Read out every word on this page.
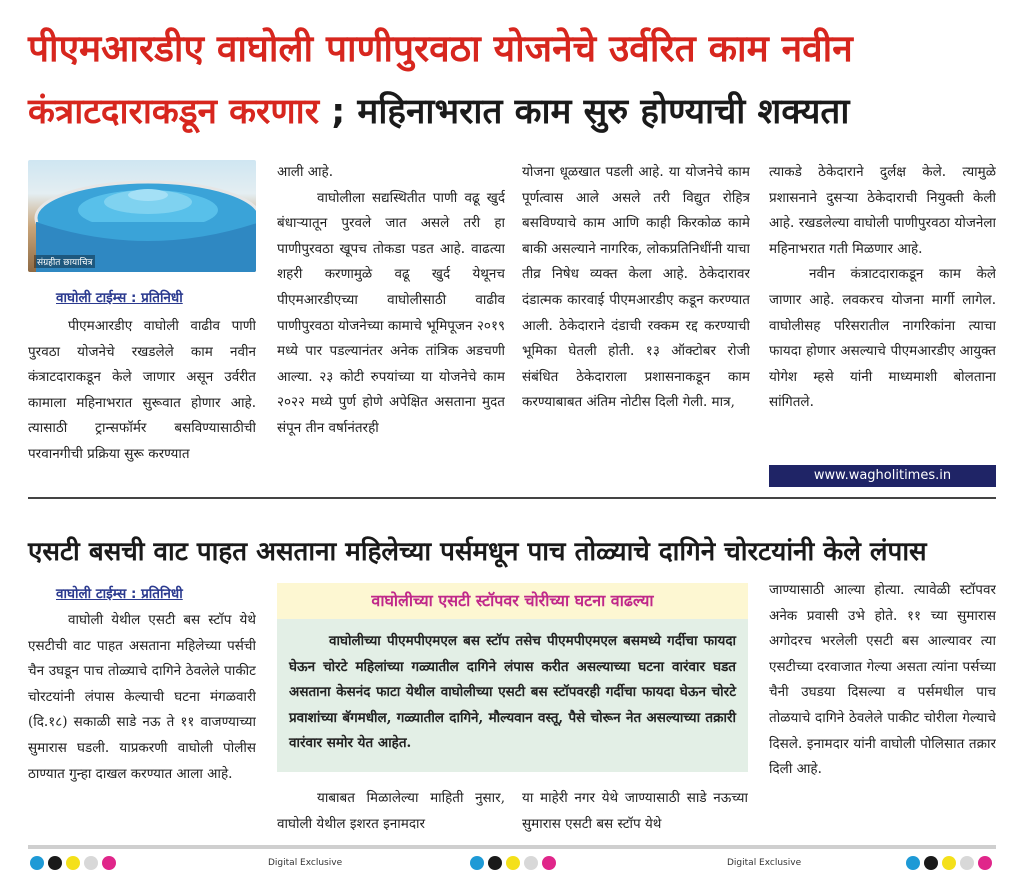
पीएमआरडीए वाघोली पाणीपुरवठा योजनेचे उर्वरित काम नवीन
कंत्राटदाराकडून करणार ; महिनाभरात काम सुरु होण्याची शक्यता
संग्रहीत छायाचित्र
वाघोली टाईम्स : प्रतिनिधी

पीएमआरडीए वाघोली वाढीव पाणी पुरवठा योजनेचे रखडलेले काम नवीन कंत्राटदाराकडून केले जाणार असून उर्वरीत कामाला महिनाभरात सुरूवात होणार आहे. त्यासाठी ट्रान्सफॉर्मर बसविण्यासाठीची परवानगीची प्रक्रिया सुरू करण्यात

आली आहे.

वाघोलीला सद्यस्थितीत पाणी वढू खुर्द बंधाऱ्यातून पुरवले जात असले तरी हा पाणीपुरवठा खूपच तोकडा पडत आहे. वाढत्या शहरी करणामुळे वढू खुर्द येथूनच पीएमआरडीएच्या वाघोलीसाठी वाढीव पाणीपुरवठा योजनेच्या कामाचे भूमिपूजन २०१९ मध्ये पार पडल्यानंतर अनेक तांत्रिक अडचणी आल्या. २३ कोटी रुपयांच्या या योजनेचे काम २०२२ मध्ये पुर्ण होणे अपेक्षित असताना मुदत संपून तीन वर्षानंतरही

योजना धूळखात पडली आहे. या योजनेचे काम पूर्णत्वास आले असले तरी विद्युत रोहित्र बसविण्याचे काम आणि काही किरकोळ कामे बाकी असल्याने नागरिक, लोकप्रतिनिधींनी याचा तीव्र निषेध व्यक्त केला आहे. ठेकेदारावर दंडात्मक कारवाई पीएमआरडीए कडून करण्यात आली. ठेकेदाराने दंडाची रक्कम रद्द करण्याची भूमिका घेतली होती. १३ ऑक्टोबर रोजी संबंधित ठेकेदाराला प्रशासनाकडून काम करण्याबाबत अंतिम नोटीस दिली गेली. मात्र,

त्याकडे ठेकेदाराने दुर्लक्ष केले. त्यामुळे प्रशासनाने दुसऱ्या ठेकेदाराची नियुक्ती केली आहे. रखडलेल्या वाघोली पाणीपुरवठा योजनेला महिनाभरात गती मिळणार आहे.

नवीन कंत्राटदाराकडून काम केले जाणार आहे. लवकरच योजना मार्गी लागेल. वाघोलीसह परिसरातील नागरिकांना त्याचा फायदा होणार असल्याचे पीएमआरडीए आयुक्त योगेश म्हसे यांनी माध्यमाशी बोलताना सांगितले.

www.wagholitimes.in
एसटी बसची वाट पाहत असताना महिलेच्या पर्समधून पाच तोळ्याचे दागिने चोरटयांनी केले लंपास
वाघोली टाईम्स : प्रतिनिधी

वाघोली येथील एसटी बस स्टॉप येथे एसटीची वाट पाहत असताना महिलेच्या पर्सची चैन उघडून पाच तोळ्याचे दागिने ठेवलेले पाकीट चोरटयांनी लंपास केल्याची घटना मंगळवारी (दि.१८) सकाळी साडे नऊ ते ११ वाजण्याच्या सुमारास घडली. याप्रकरणी वाघोली पोलीस ठाण्यात गुन्हा दाखल करण्यात आला आहे.

वाघोलीच्या एसटी स्टॉपवर चोरीच्या घटना वाढल्या

वाघोलीच्या पीएमपीएमएल बस स्टॉप तसेच पीएमपीएमएल बसमध्ये गर्दीचा फायदा घेऊन चोरटे महिलांच्या गळ्यातील दागिने लंपास करीत असल्याच्या घटना वारंवार घडत असताना केसनंद फाटा येथील वाघोलीच्या एसटी बस स्टॉपवरही गर्दीचा फायदा घेऊन चोरटे प्रवाशांच्या बॅगमधील, गळ्यातील दागिने, मौल्यवान वस्तू, पैसे चोरून नेत असल्याच्या तक्रारी वारंवार समोर येत आहेत.

याबाबत मिळालेल्या माहिती नुसार, वाघोली येथील इशरत इनामदार

या माहेरी नगर येथे जाण्यासाठी साडे नऊच्या सुमारास एसटी बस स्टॉप येथे

जाण्यासाठी आल्या होत्या. त्यावेळी स्टॉपवर अनेक प्रवासी उभे होते. ११ च्या सुमारास अगोदरच भरलेली एसटी बस आल्यावर त्या एसटीच्या दरवाजात गेल्या असता त्यांना पर्सच्या चैनी उघडया दिसल्या व पर्समधील पाच तोळयाचे दागिने ठेवलेले पाकीट चोरीला गेल्याचे दिसले. इनामदार यांनी वाघोली पोलिसात तक्रार दिली आहे.

Digital Exclusive	Digital Exclusive
